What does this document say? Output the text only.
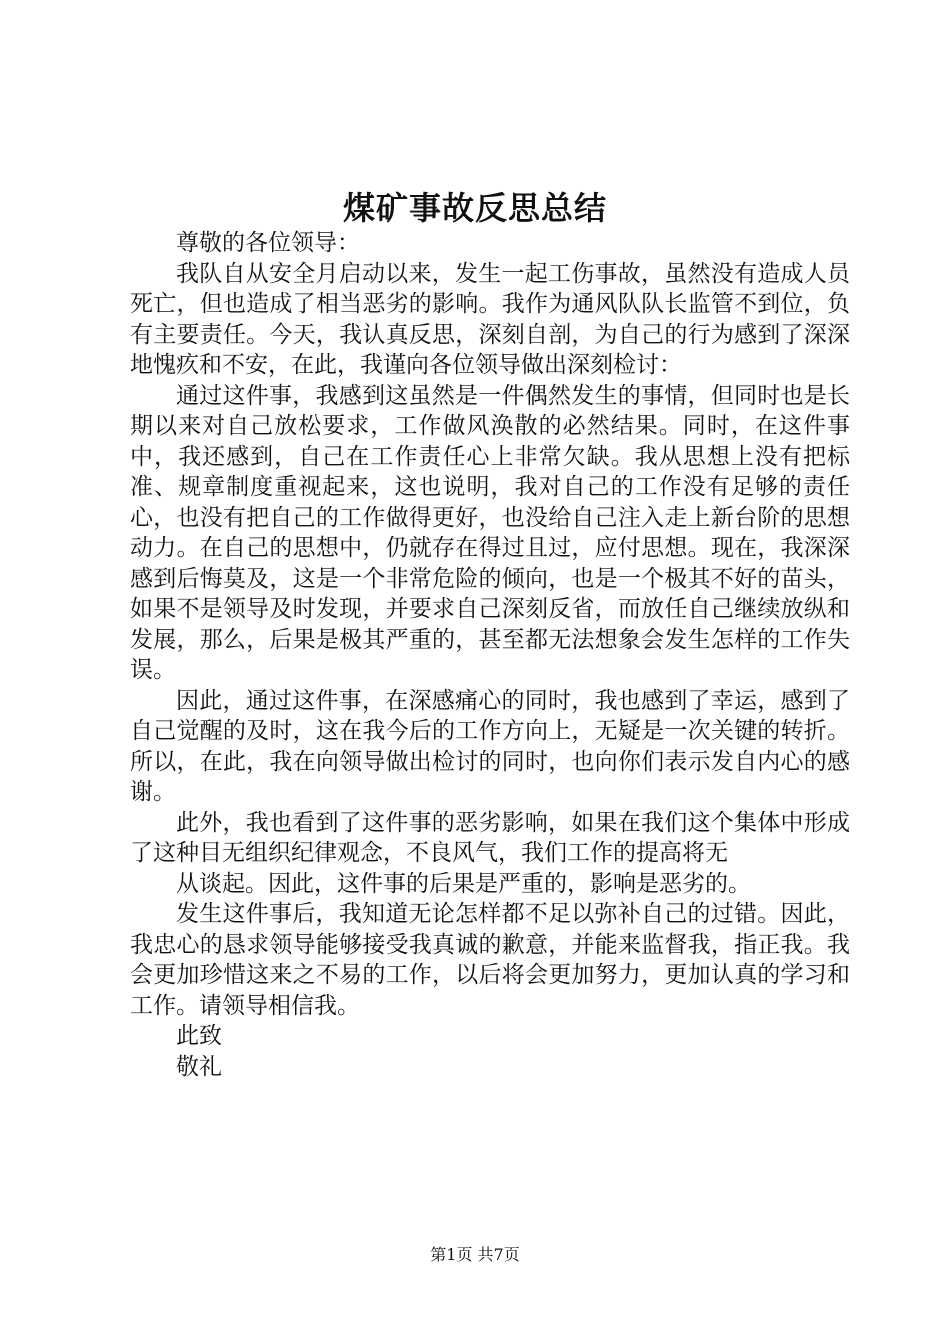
煤矿事故反思总结

尊敬的各位领导：

我队自从安全月启动以来，发生一起工伤事故，虽然没有造成人员死亡，但也造成了相当恶劣的影响。我作为通风队队长监管不到位，负有主要责任。今天，我认真反思，深刻自剖，为自己的行为感到了深深地愧疚和不安，在此，我谨向各位领导做出深刻检讨：

通过这件事，我感到这虽然是一件偶然发生的事情，但同时也是长期以来对自己放松要求，工作做风涣散的必然结果。同时，在这件事中，我还感到，自己在工作责任心上非常欠缺。我从思想上没有把标准、规章制度重视起来，这也说明，我对自己的工作没有足够的责任心，也没有把自己的工作做得更好，也没给自己注入走上新台阶的思想动力。在自己的思想中，仍就存在得过且过，应付思想。现在，我深深感到后悔莫及，这是一个非常危险的倾向，也是一个极其不好的苗头，如果不是领导及时发现，并要求自己深刻反省，而放任自己继续放纵和发展，那么，后果是极其严重的，甚至都无法想象会发生怎样的工作失误。

因此，通过这件事，在深感痛心的同时，我也感到了幸运，感到了自己觉醒的及时，这在我今后的工作方向上，无疑是一次关键的转折。所以，在此，我在向领导做出检讨的同时，也向你们表示发自内心的感谢。

此外，我也看到了这件事的恶劣影响，如果在我们这个集体中形成了这种目无组织纪律观念，不良风气，我们工作的提高将无

从谈起。因此，这件事的后果是严重的，影响是恶劣的。

发生这件事后，我知道无论怎样都不足以弥补自己的过错。因此，我忠心的恳求领导能够接受我真诚的歉意，并能来监督我，指正我。我会更加珍惜这来之不易的工作，以后将会更加努力，更加认真的学习和工作。请领导相信我。

此致

敬礼

第1页 共7页
